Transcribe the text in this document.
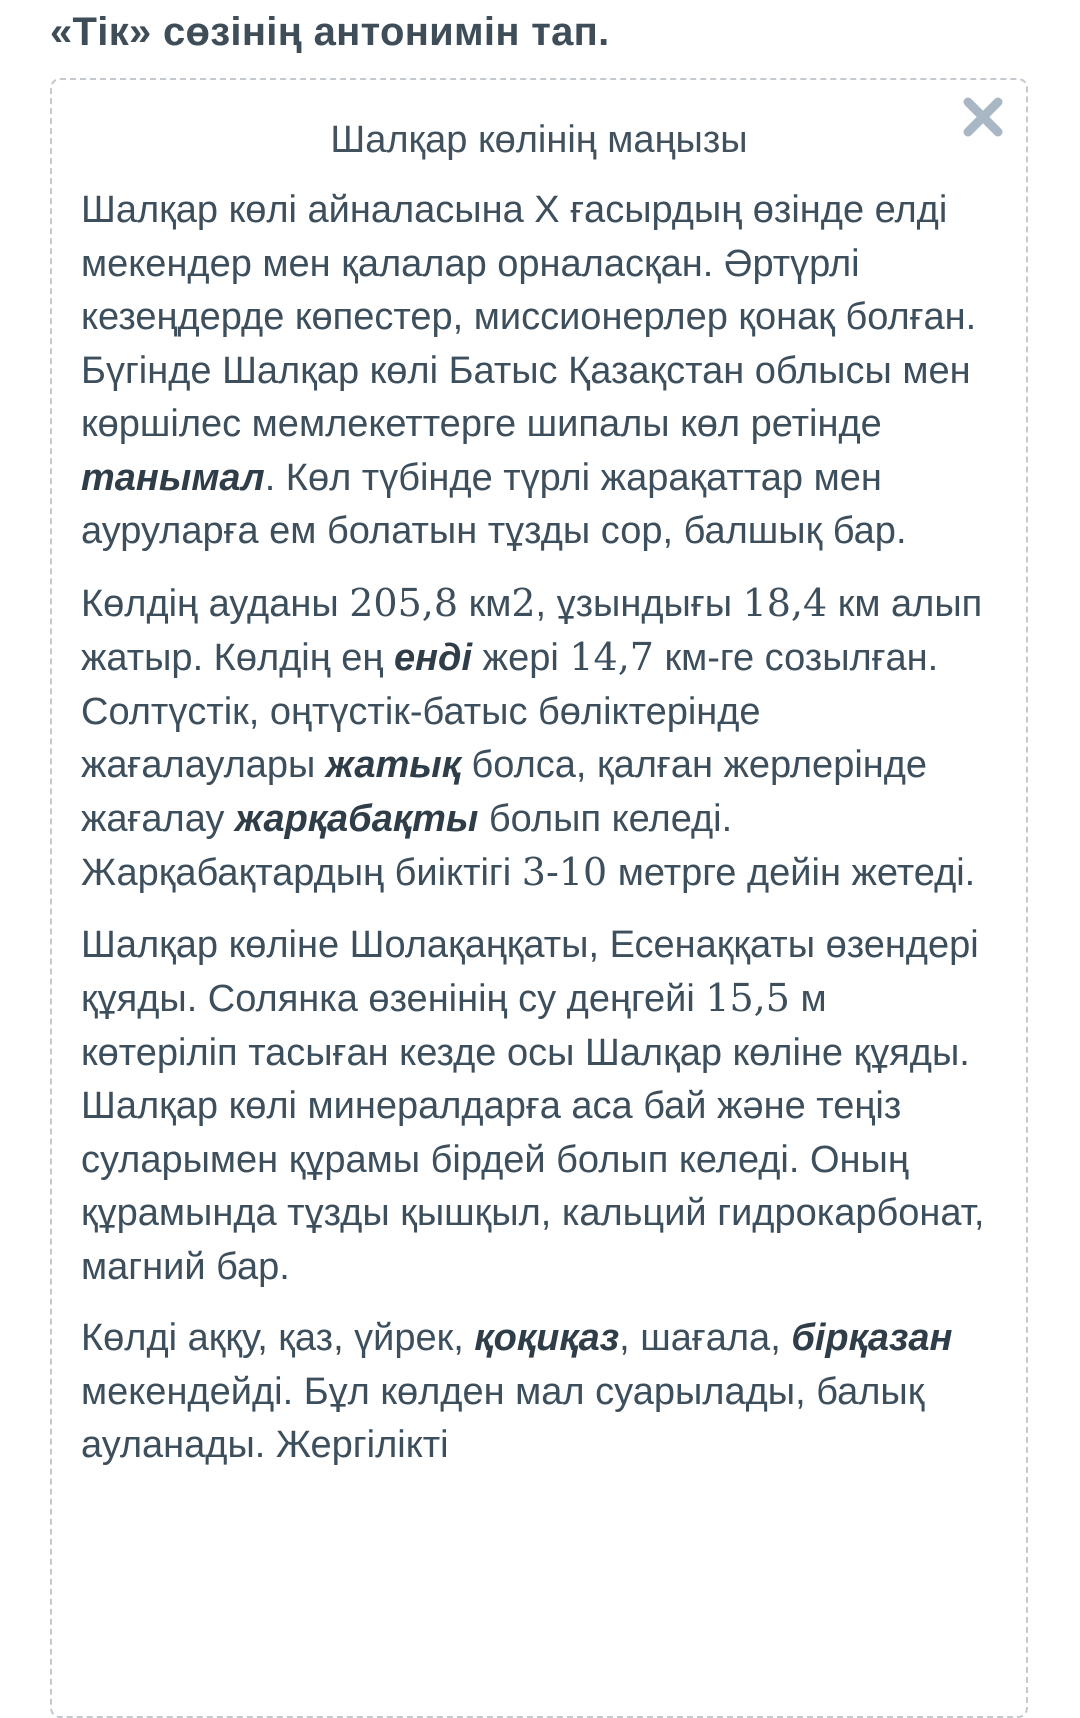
«Тік» сөзінің антонимін тап.
Шалқар көлінің маңызы

Шалқар көлі айналасына Х ғасырдың өзінде елді мекендер мен қалалар орналасқан. Әртүрлі кезеңдерде көпестер, миссионерлер қонақ болған. Бүгінде Шалқар көлі Батыс Қазақстан облысы мен көршілес мемлекеттерге шипалы көл ретінде танымал. Көл түбінде түрлі жарақаттар мен ауруларға ем болатын тұзды сор, балшық бар.

Көлдің ауданы 205,8 км2, ұзындығы 18,4 км алып жатыр. Көлдің ең енді жері 14,7 км-ге созылған. Солтүстік, оңтүстік-батыс бөліктерінде жағалаулары жатық болса, қалған жерлерінде жағалау жарқабақты болып келеді. Жарқабақтардың биіктігі 3-10 метрге дейін жетеді.

Шалқар көліне Шолақаңқаты, Есенаққаты өзендері құяды. Солянка өзенінің су деңгейі 15,5 м көтеріліп тасыған кезде осы Шалқар көліне құяды. Шалқар көлі минералдарға аса бай және теңіз суларымен құрамы бірдей болып келеді. Оның құрамында тұзды қышқыл, кальций гидрокарбонат, магний бар.

Көлді аққу, қаз, үйрек, қоқиқаз, шағала, бірқазан мекендейді. Бұл көлден мал суарылады, балық ауланады. Жергілікті
